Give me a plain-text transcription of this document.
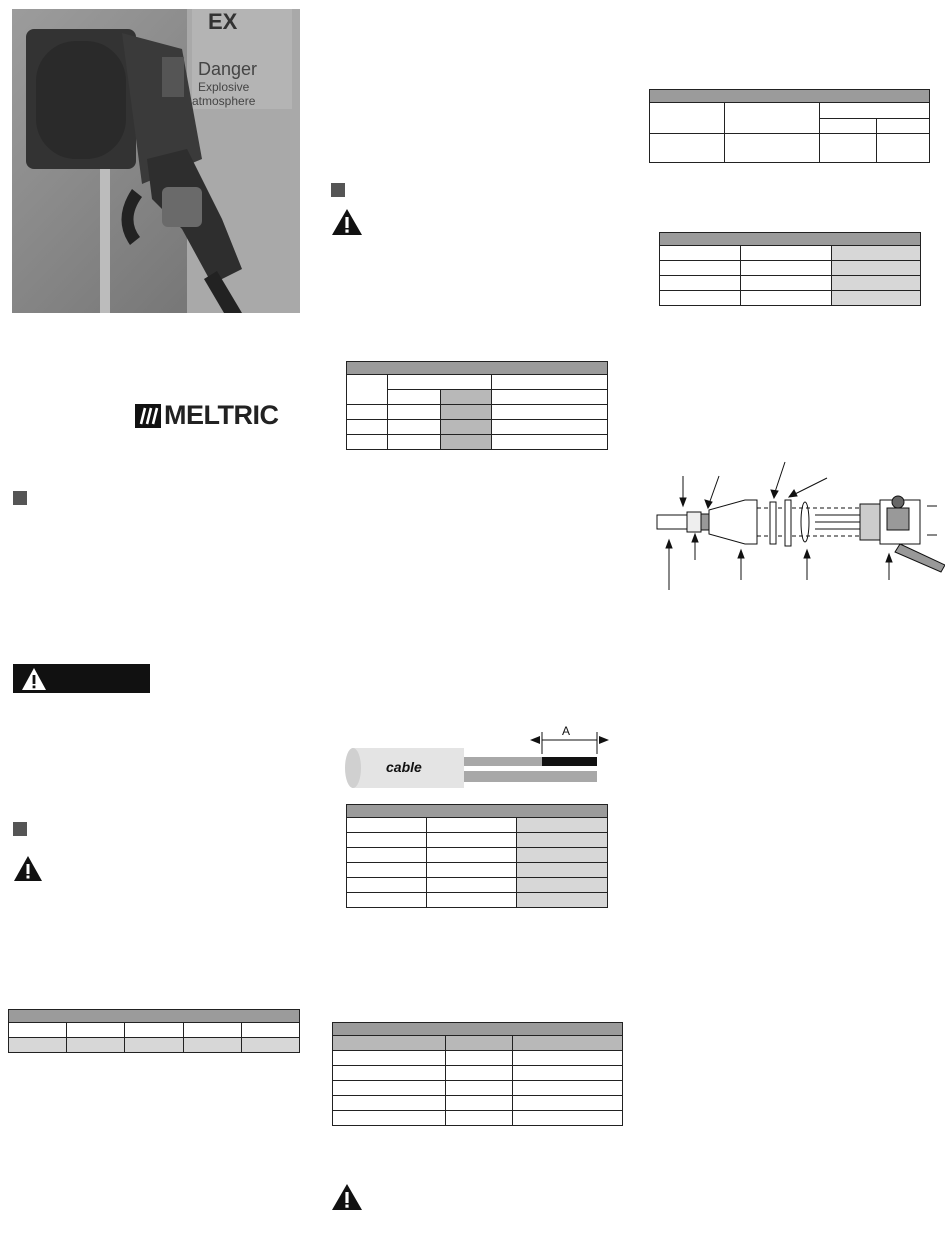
EX
Danger
Explosive
atmosphere
MELTRIC

A
cable
